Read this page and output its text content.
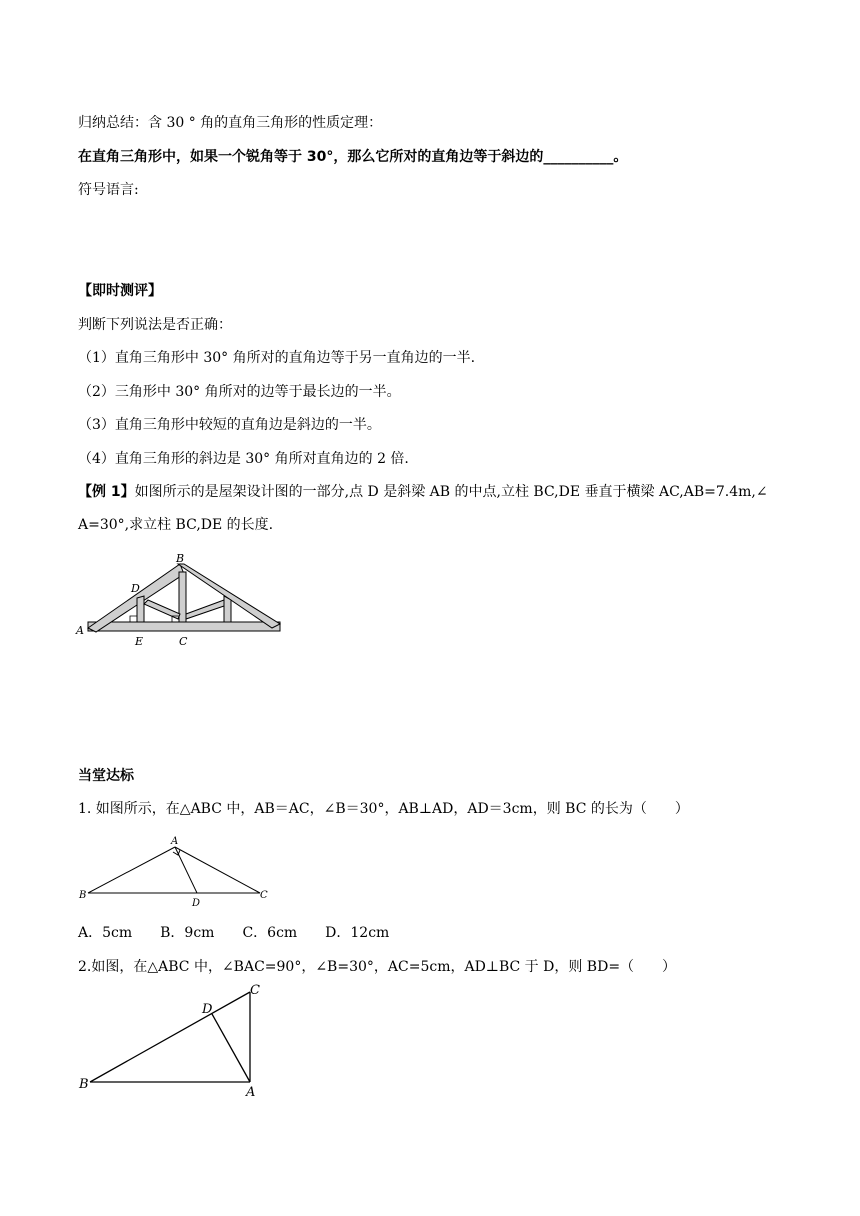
归纳总结：含 30 ° 角的直角三角形的性质定理：
在直角三角形中，如果一个锐角等于 30°，那么它所对的直角边等于斜边的__________。
符号语言:
【即时测评】
判断下列说法是否正确：
（1）直角三角形中 30° 角所对的直角边等于另一直角边的一半.
（2）三角形中 30° 角所对的边等于最长边的一半。
（3）直角三角形中较短的直角边是斜边的一半。
（4）直角三角形的斜边是 30° 角所对直角边的 2 倍.
【例 1】如图所示的是屋架设计图的一部分,点 D 是斜梁 AB 的中点,立柱 BC,DE 垂直于横梁 AC,AB=7.4m,∠
A=30°,求立柱 BC,DE 的长度.
B
D
A
E	C
当堂达标
1. 如图所示，在△ABC 中，AB＝AC，∠B＝30°，AB⊥AD，AD＝3cm，则 BC 的长为（　　）
A
B	C
D
A．5cm　　B．9cm　　C．6cm　　D．12cm
2.如图，在△ABC 中，∠BAC=90°，∠B=30°，AC=5cm，AD⊥BC 于 D，则 BD=（　　）
C
D
B
A
